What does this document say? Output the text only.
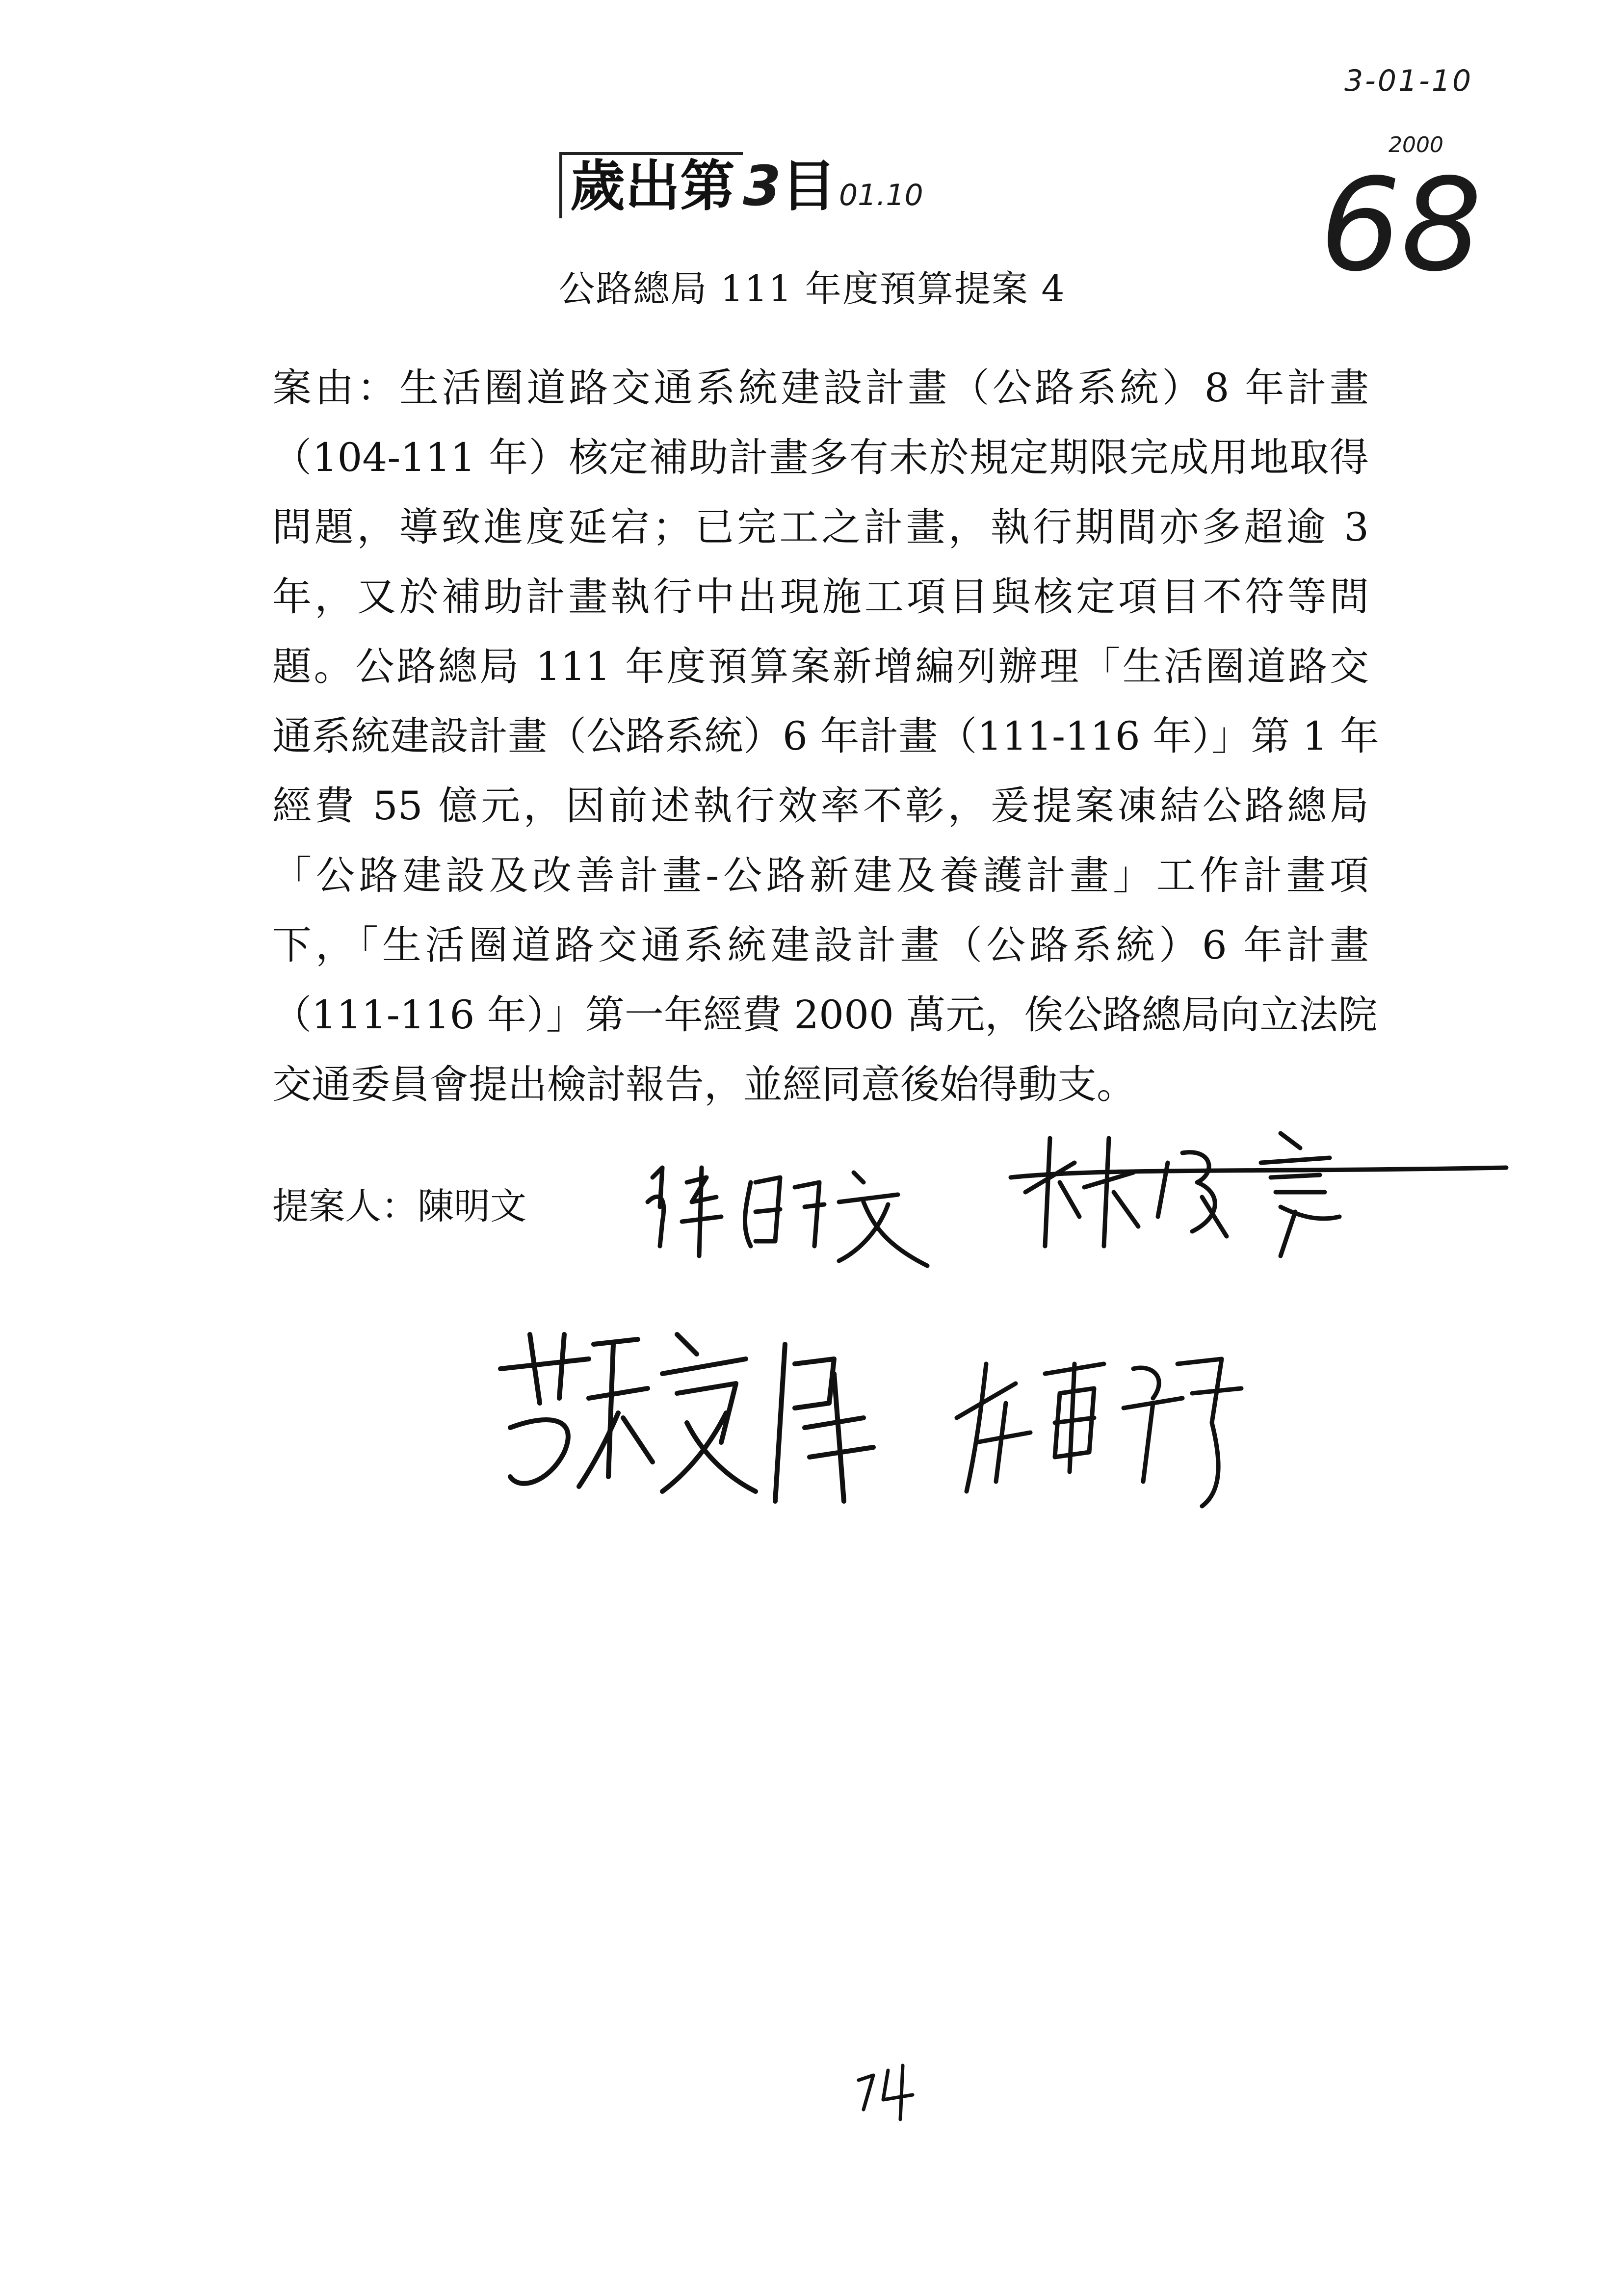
3-01-10
2000
68
歲出第 3目 01.10
公路總局 111 年度預算提案 4
案由：生活圈道路交通系統建設計畫（公路系統）8 年計畫
（104-111 年）核定補助計畫多有未於規定期限完成用地取得
問題，導致進度延宕；已完工之計畫，執行期間亦多超逾 3
年，又於補助計畫執行中出現施工項目與核定項目不符等問
題。公路總局 111 年度預算案新增編列辦理「生活圈道路交
通系統建設計畫（公路系統）6 年計畫（111-116 年）」第 1 年
經費 55 億元，因前述執行效率不彰，爰提案凍結公路總局
「公路建設及改善計畫-公路新建及養護計畫」工作計畫項
下，「生活圈道路交通系統建設計畫（公路系統）6 年計畫
（111-116 年）」第一年經費 2000 萬元，俟公路總局向立法院
交通委員會提出檢討報告，並經同意後始得動支。
提案人：陳明文
